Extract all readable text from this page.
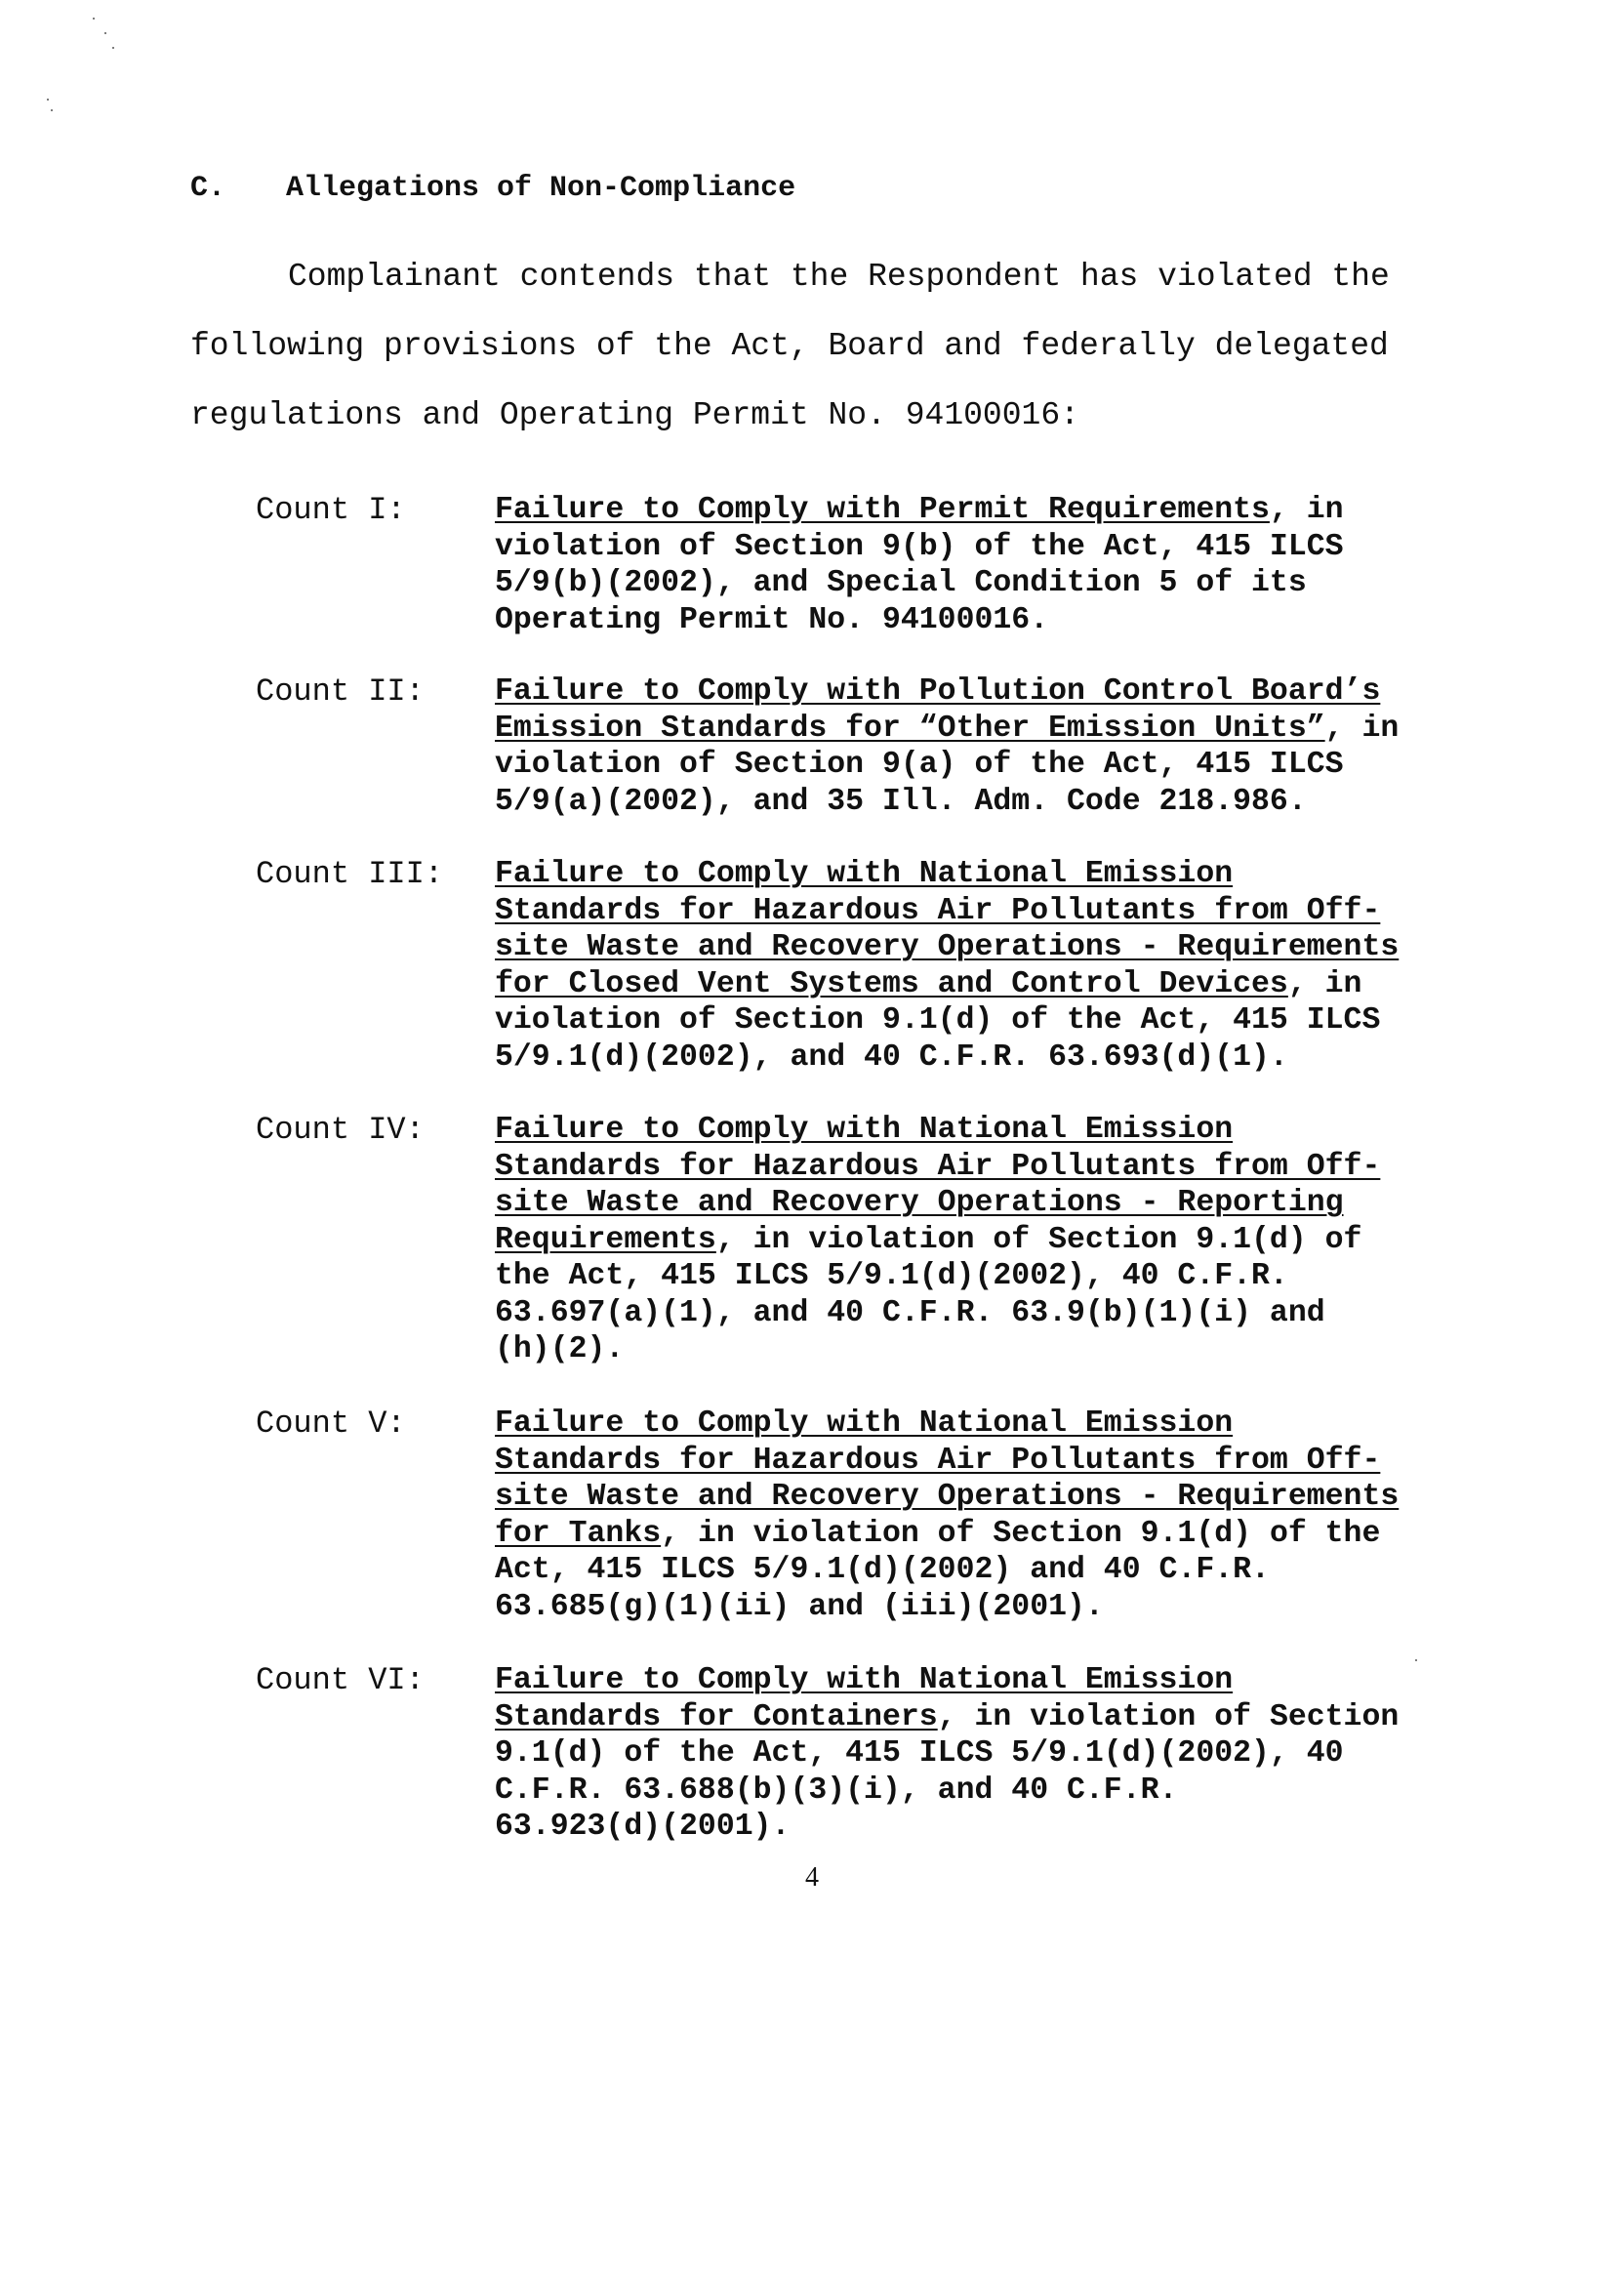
C. Allegations of Non-Compliance
Complainant contends that the Respondent has violated the
following provisions of the Act, Board and federally delegated
regulations and Operating Permit No. 94100016:
Count I:	Failure to Comply with Permit Requirements, in
violation of Section 9(b) of the Act, 415 ILCS
5/9(b)(2002), and Special Condition 5 of its
Operating Permit No. 94100016.
Count II: Failure to Comply with Pollution Control Board’s
Emission Standards for “Other Emission Units”, in
violation of Section 9(a) of the Act, 415 ILCS
5/9(a)(2002), and 35 Ill. Adm. Code 218.986.
Count III: Failure to Comply with National Emission
Standards for Hazardous Air Pollutants from Off-
site Waste and Recovery Operations - Requirements
for Closed Vent Systems and Control Devices, in
violation of Section 9.1(d) of the Act, 415 ILCS
5/9.1(d)(2002), and 40 C.F.R. 63.693(d)(1).
Count IV: Failure to Comply with National Emission
Standards for Hazardous Air Pollutants from Off-
site Waste and Recovery Operations - Reporting
Requirements, in violation of Section 9.1(d) of
the Act, 415 ILCS 5/9.1(d)(2002), 40 C.F.R.
63.697(a)(1), and 40 C.F.R. 63.9(b)(1)(i) and
(h)(2).
Count V:	Failure to Comply with National Emission
Standards for Hazardous Air Pollutants from Off-
site Waste and Recovery Operations - Requirements
for Tanks, in violation of Section 9.1(d) of the
Act, 415 ILCS 5/9.1(d)(2002) and 40 C.F.R.
63.685(g)(1)(ii) and (iii)(2001).
Count VI: Failure to Comply with National Emission
Standards for Containers, in violation of Section
9.1(d) of the Act, 415 ILCS 5/9.1(d)(2002), 40
C.F.R. 63.688(b)(3)(i), and 40 C.F.R.
63.923(d)(2001).
4
